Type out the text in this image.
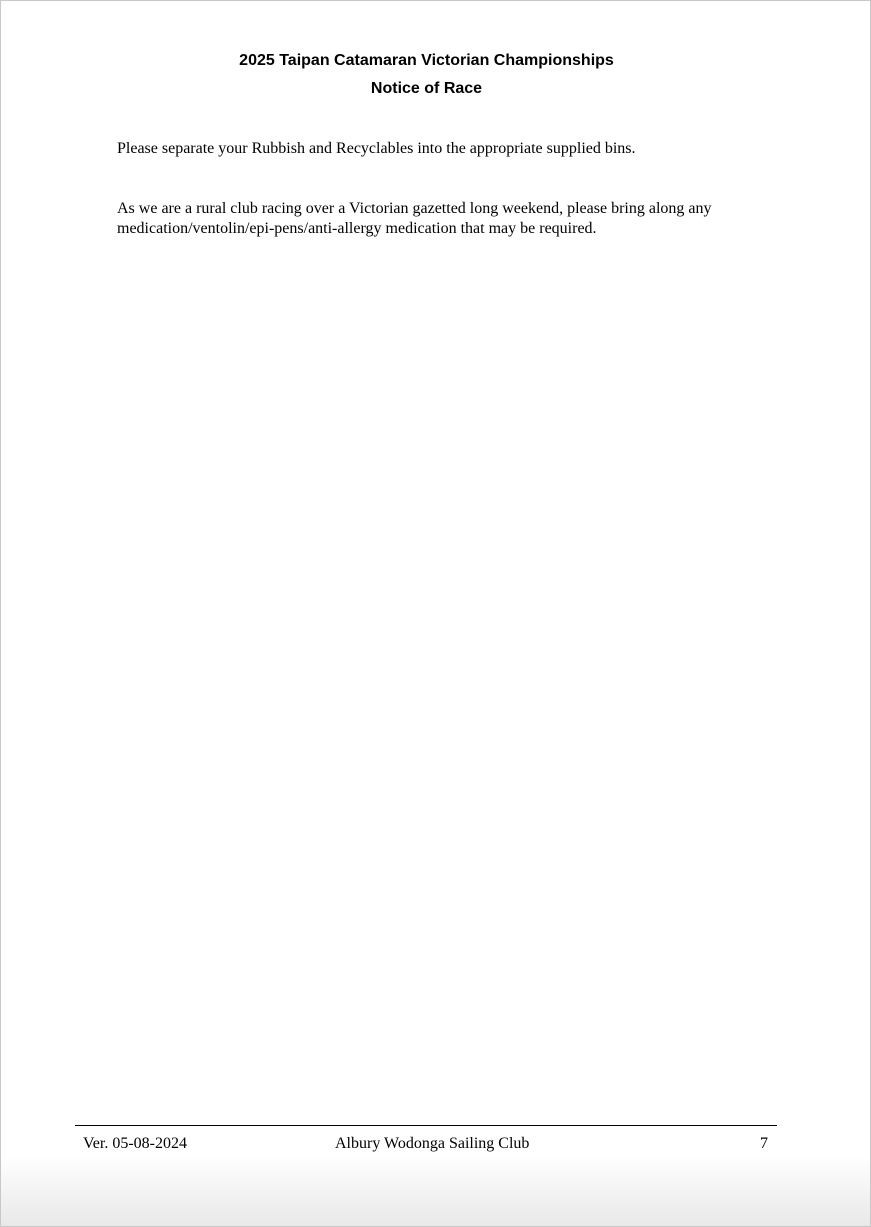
2025 Taipan Catamaran Victorian Championships
Notice of Race
Please separate your Rubbish and Recyclables into the appropriate supplied bins.
As we are a rural club racing over a Victorian gazetted long weekend, please bring along any medication/ventolin/epi-pens/anti-allergy medication that may be required.
Ver. 05-08-2024	Albury Wodonga Sailing Club	7
